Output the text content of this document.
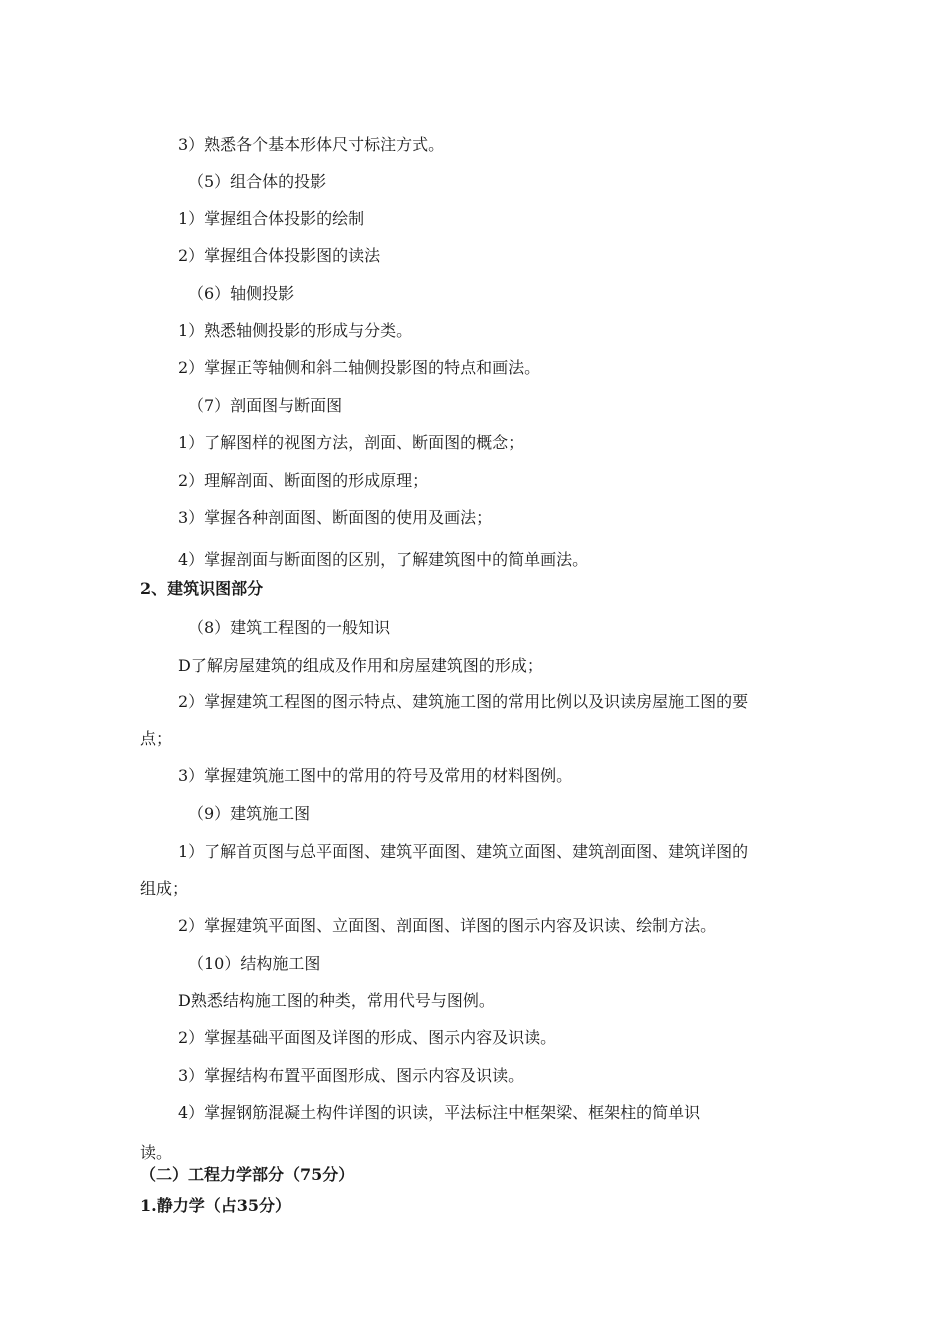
3）熟悉各个基本形体尺寸标注方式。
（5）组合体的投影
1）掌握组合体投影的绘制
2）掌握组合体投影图的读法
（6）轴侧投影
1）熟悉轴侧投影的形成与分类。
2）掌握正等轴侧和斜二轴侧投影图的特点和画法。
（7）剖面图与断面图
1）了解图样的视图方法，剖面、断面图的概念；
2）理解剖面、断面图的形成原理；
3）掌握各种剖面图、断面图的使用及画法；
4）掌握剖面与断面图的区别，了解建筑图中的简单画法。
2、建筑识图部分
（8）建筑工程图的一般知识
D了解房屋建筑的组成及作用和房屋建筑图的形成；
2）掌握建筑工程图的图示特点、建筑施工图的常用比例以及识读房屋施工图的要
点；
3）掌握建筑施工图中的常用的符号及常用的材料图例。
（9）建筑施工图
1）了解首页图与总平面图、建筑平面图、建筑立面图、建筑剖面图、建筑详图的
组成；
2）掌握建筑平面图、立面图、剖面图、详图的图示内容及识读、绘制方法。
（10）结构施工图
D熟悉结构施工图的种类，常用代号与图例。
2）掌握基础平面图及详图的形成、图示内容及识读。
3）掌握结构布置平面图形成、图示内容及识读。
4）掌握钢筋混凝土构件详图的识读，平法标注中框架梁、框架柱的简单识
读。
（二）工程力学部分（75分）
1.静力学（占35分）
